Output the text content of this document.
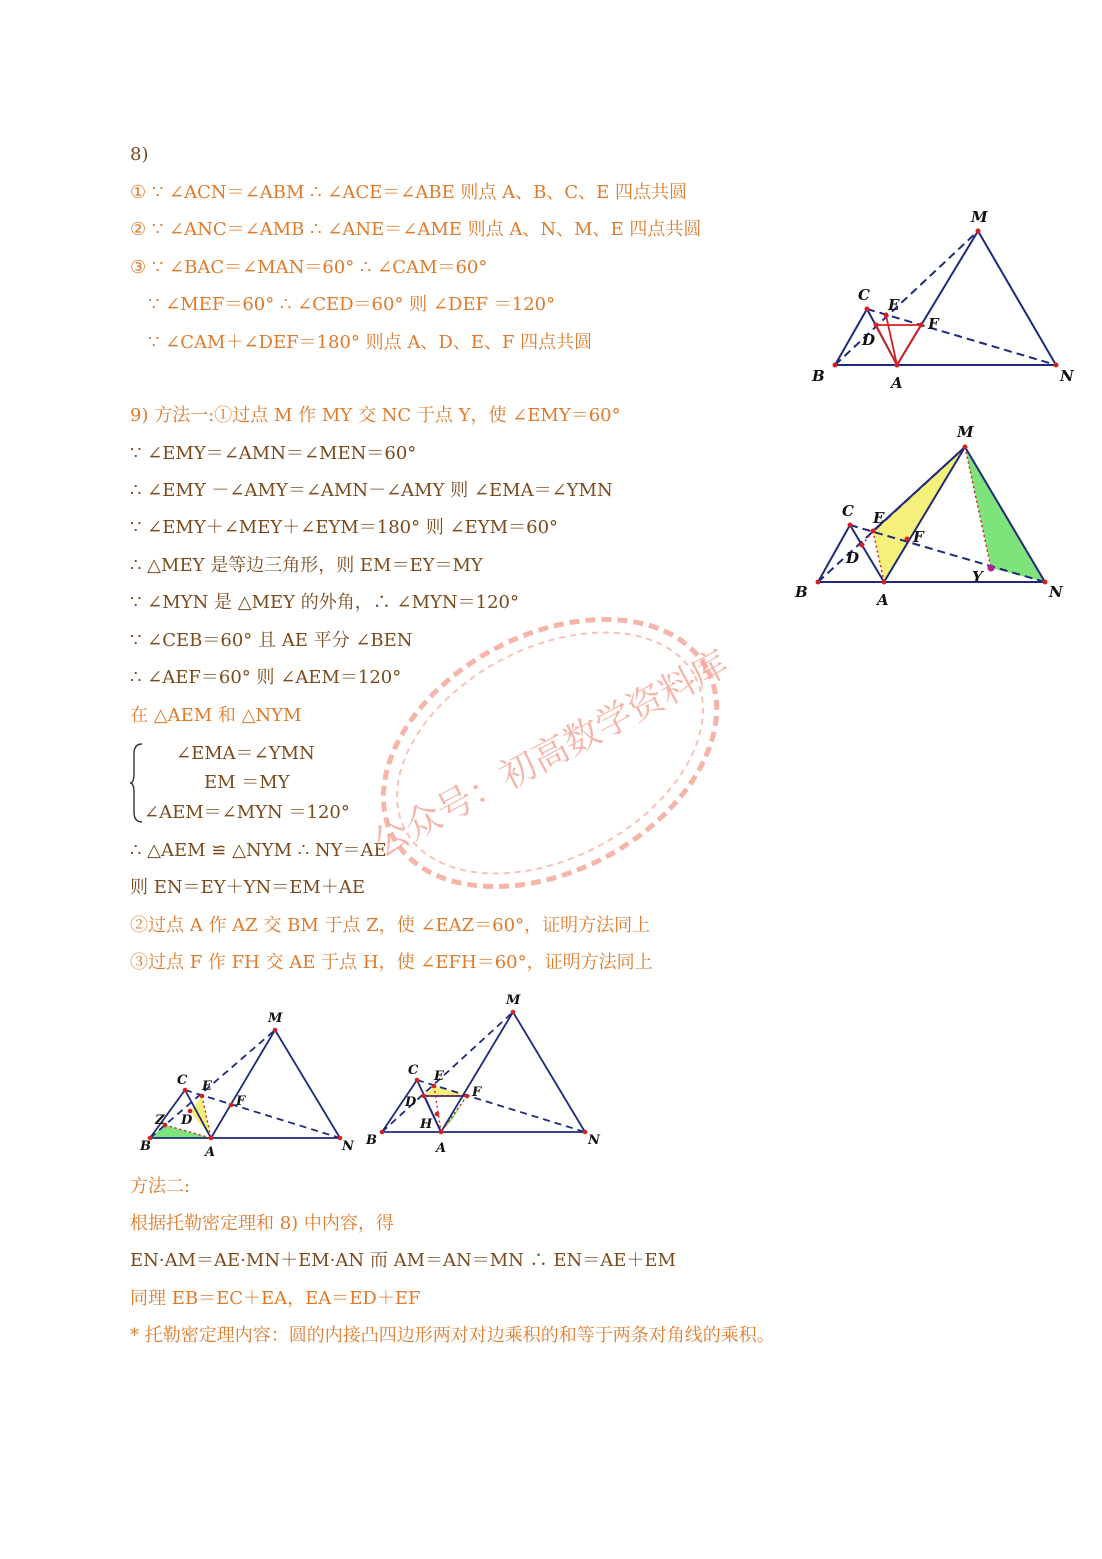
8)
① ∵ ∠ACN＝∠ABM ∴ ∠ACE＝∠ABE 则点 A、B、C、E 四点共圆
② ∵ ∠ANC＝∠AMB ∴ ∠ANE＝∠AME 则点 A、N、M、E 四点共圆
③ ∵ ∠BAC＝∠MAN＝60° ∴ ∠CAM＝60°
∵ ∠MEF＝60° ∴ ∠CED＝60° 则 ∠DEF ＝120°
∵ ∠CAM＋∠DEF＝180° 则点 A、D、E、F 四点共圆
9) 方法一:①过点 M 作 MY 交 NC 于点 Y，使 ∠EMY＝60°
∵ ∠EMY＝∠AMN＝∠MEN＝60°
∴ ∠EMY －∠AMY＝∠AMN－∠AMY 则 ∠EMA＝∠YMN
∵ ∠EMY＋∠MEY＋∠EYM＝180° 则 ∠EYM＝60°
∴ △MEY 是等边三角形，则 EM＝EY＝MY
∵ ∠MYN 是 △MEY 的外角，∴ ∠MYN＝120°
∵ ∠CEB＝60° 且 AE 平分 ∠BEN
∴ ∠AEF＝60° 则 ∠AEM＝120°
在 △AEM 和 △NYM
∠EMA＝∠YMN
EM ＝MY
∠AEM＝∠MYN ＝120°
∴ △AEM ≌ △NYM ∴ NY＝AE
则 EN＝EY＋YN＝EM＋AE
②过点 A 作 AZ 交 BM 于点 Z，使 ∠EAZ＝60°，证明方法同上
③过点 F 作 FH 交 AE 于点 H，使 ∠EFH＝60°，证明方法同上
方法二:
根据托勒密定理和 8) 中内容，得
EN·AM＝AE·MN＋EM·AN 而 AM＝AN＝MN ∴ EN＝AE＋EM
同理 EB＝EC＋EA，EA＝ED＋EF
* 托勒密定理内容：圆的内接凸四边形两对对边乘积的和等于两条对角线的乘积。
M
C
E
F
D
B	A	N
M
C E
F
D
B	A	N
Y
M
C E
F
D
Z
B	A	N
M
C E
F
D
H
B
A
N
公众号：初高数学资料库
